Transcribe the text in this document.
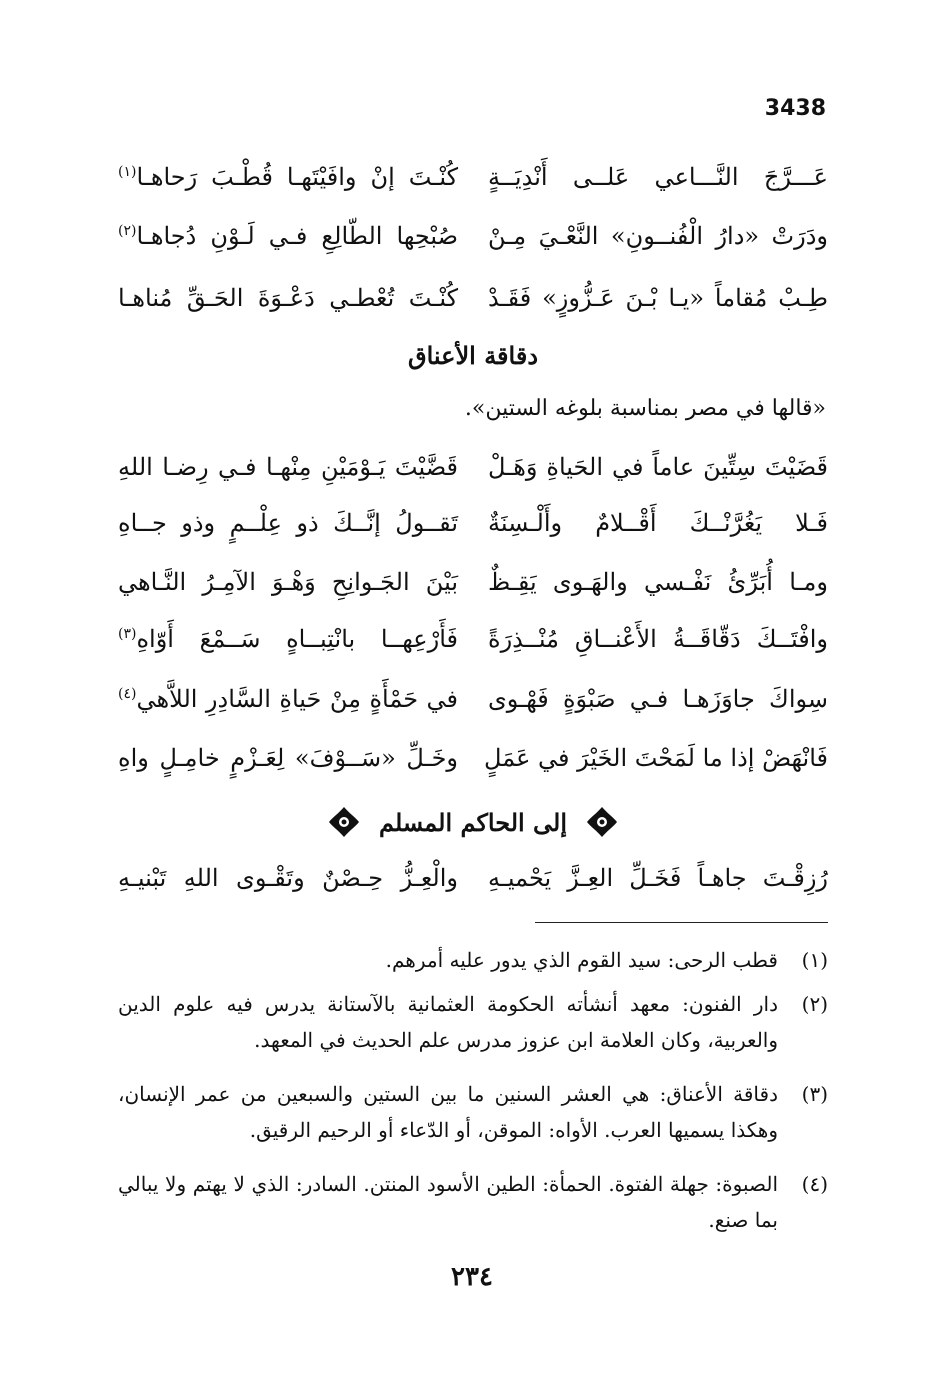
3438
عَـــرَّجَ النَّـــاعي عَلــى أَنْدِيَــةٍ
كُنْـتَ إنْ وافَيْتَهـا قُطْـبَ رَحاهـا$^{(١)}$
ودَرَتْ «دارُ الْفُنــونِ» النَّعْـيَ مِـنْ
صُبْحِها الطّالِعِ فـي لَـوْنِ دُجاهـا$^{(٢)}$
طِـبْ مُقاماً «يـا بْـنَ عَـزُّوزٍ» فَقَـدْ
كُنْـتَ تُعْطـي دَعْـوَةَ الحَـقِّ مُناهـا
دقاقة الأعناق
«قالها في مصر بمناسبة بلوغه الستين».
قَضَيْتَ سِتِّينَ عاماً في الحَياةِ وَهَـلْ
قَضَّيْتَ يَـوْمَيْنِ مِنْهـا فـي رِضـا اللهِ
فَـلا يَغُرَّنْــكَ أَقْــلامٌ وأَلْـسِنَةٌ
تَقــولُ إنَّــكَ ذو عِلْــمٍ وذو جــاهِ
ومـا أُبَرِّئُ نَفْـسي والهَـوى يَقِـظٌ
بَيْنَ الجَـوانِحِ وَهْـوَ الآمِـرُ النَّـاهي
وافْتَــكَ دَقّاقَــةُ الأَعْنــاقِ مُنْــذِرَةً
فَأَرْعِهــا بانْتِبــاهٍ سَــمْعَ أَوّاهِ$^{(٣)}$
سِواكَ جاوَزَهـا فـي صَبْوَةٍ فَهْـوى
في حَمْأَةٍ مِنْ حَياةِ السَّادِرِ اللاَّهي$^{(٤)}$
فَانْهَضْ إذا ما لَمَحْتَ الخَيْرَ في عَمَلٍ
وخَـلِّ «سَــوْفَ» لِعَـزْمٍ خامِـلٍ واهِ
إلى الحاكم المسلم
رُزِقْـتَ جاهـاً فَخَـلِّ العِـزَّ يَحْميـهِ
والْعِـزُّ حِـصْنٌ وتَقْـوى اللهِ تَبْنيـهِ
(١)
قطب الرحى: سيد القوم الذي يدور عليه أمرهم.
(٢)
دار الفنون: معهد أنشأته الحكومة العثمانية بالآستانة يدرس فيه علوم الدين والعربية، وكان العلامة ابن عزوز مدرس علم الحديث في المعهد.
(٣)
دقاقة الأعناق: هي العشر السنين ما بين الستين والسبعين من عمر الإنسان، وهكذا يسميها العرب. الأواه: الموقن، أو الدّعاء أو الرحيم الرقيق.
(٤)
الصبوة: جهلة الفتوة. الحمأة: الطين الأسود المنتن. السادر: الذي لا يهتم ولا يبالي بما صنع.
٢٣٤
